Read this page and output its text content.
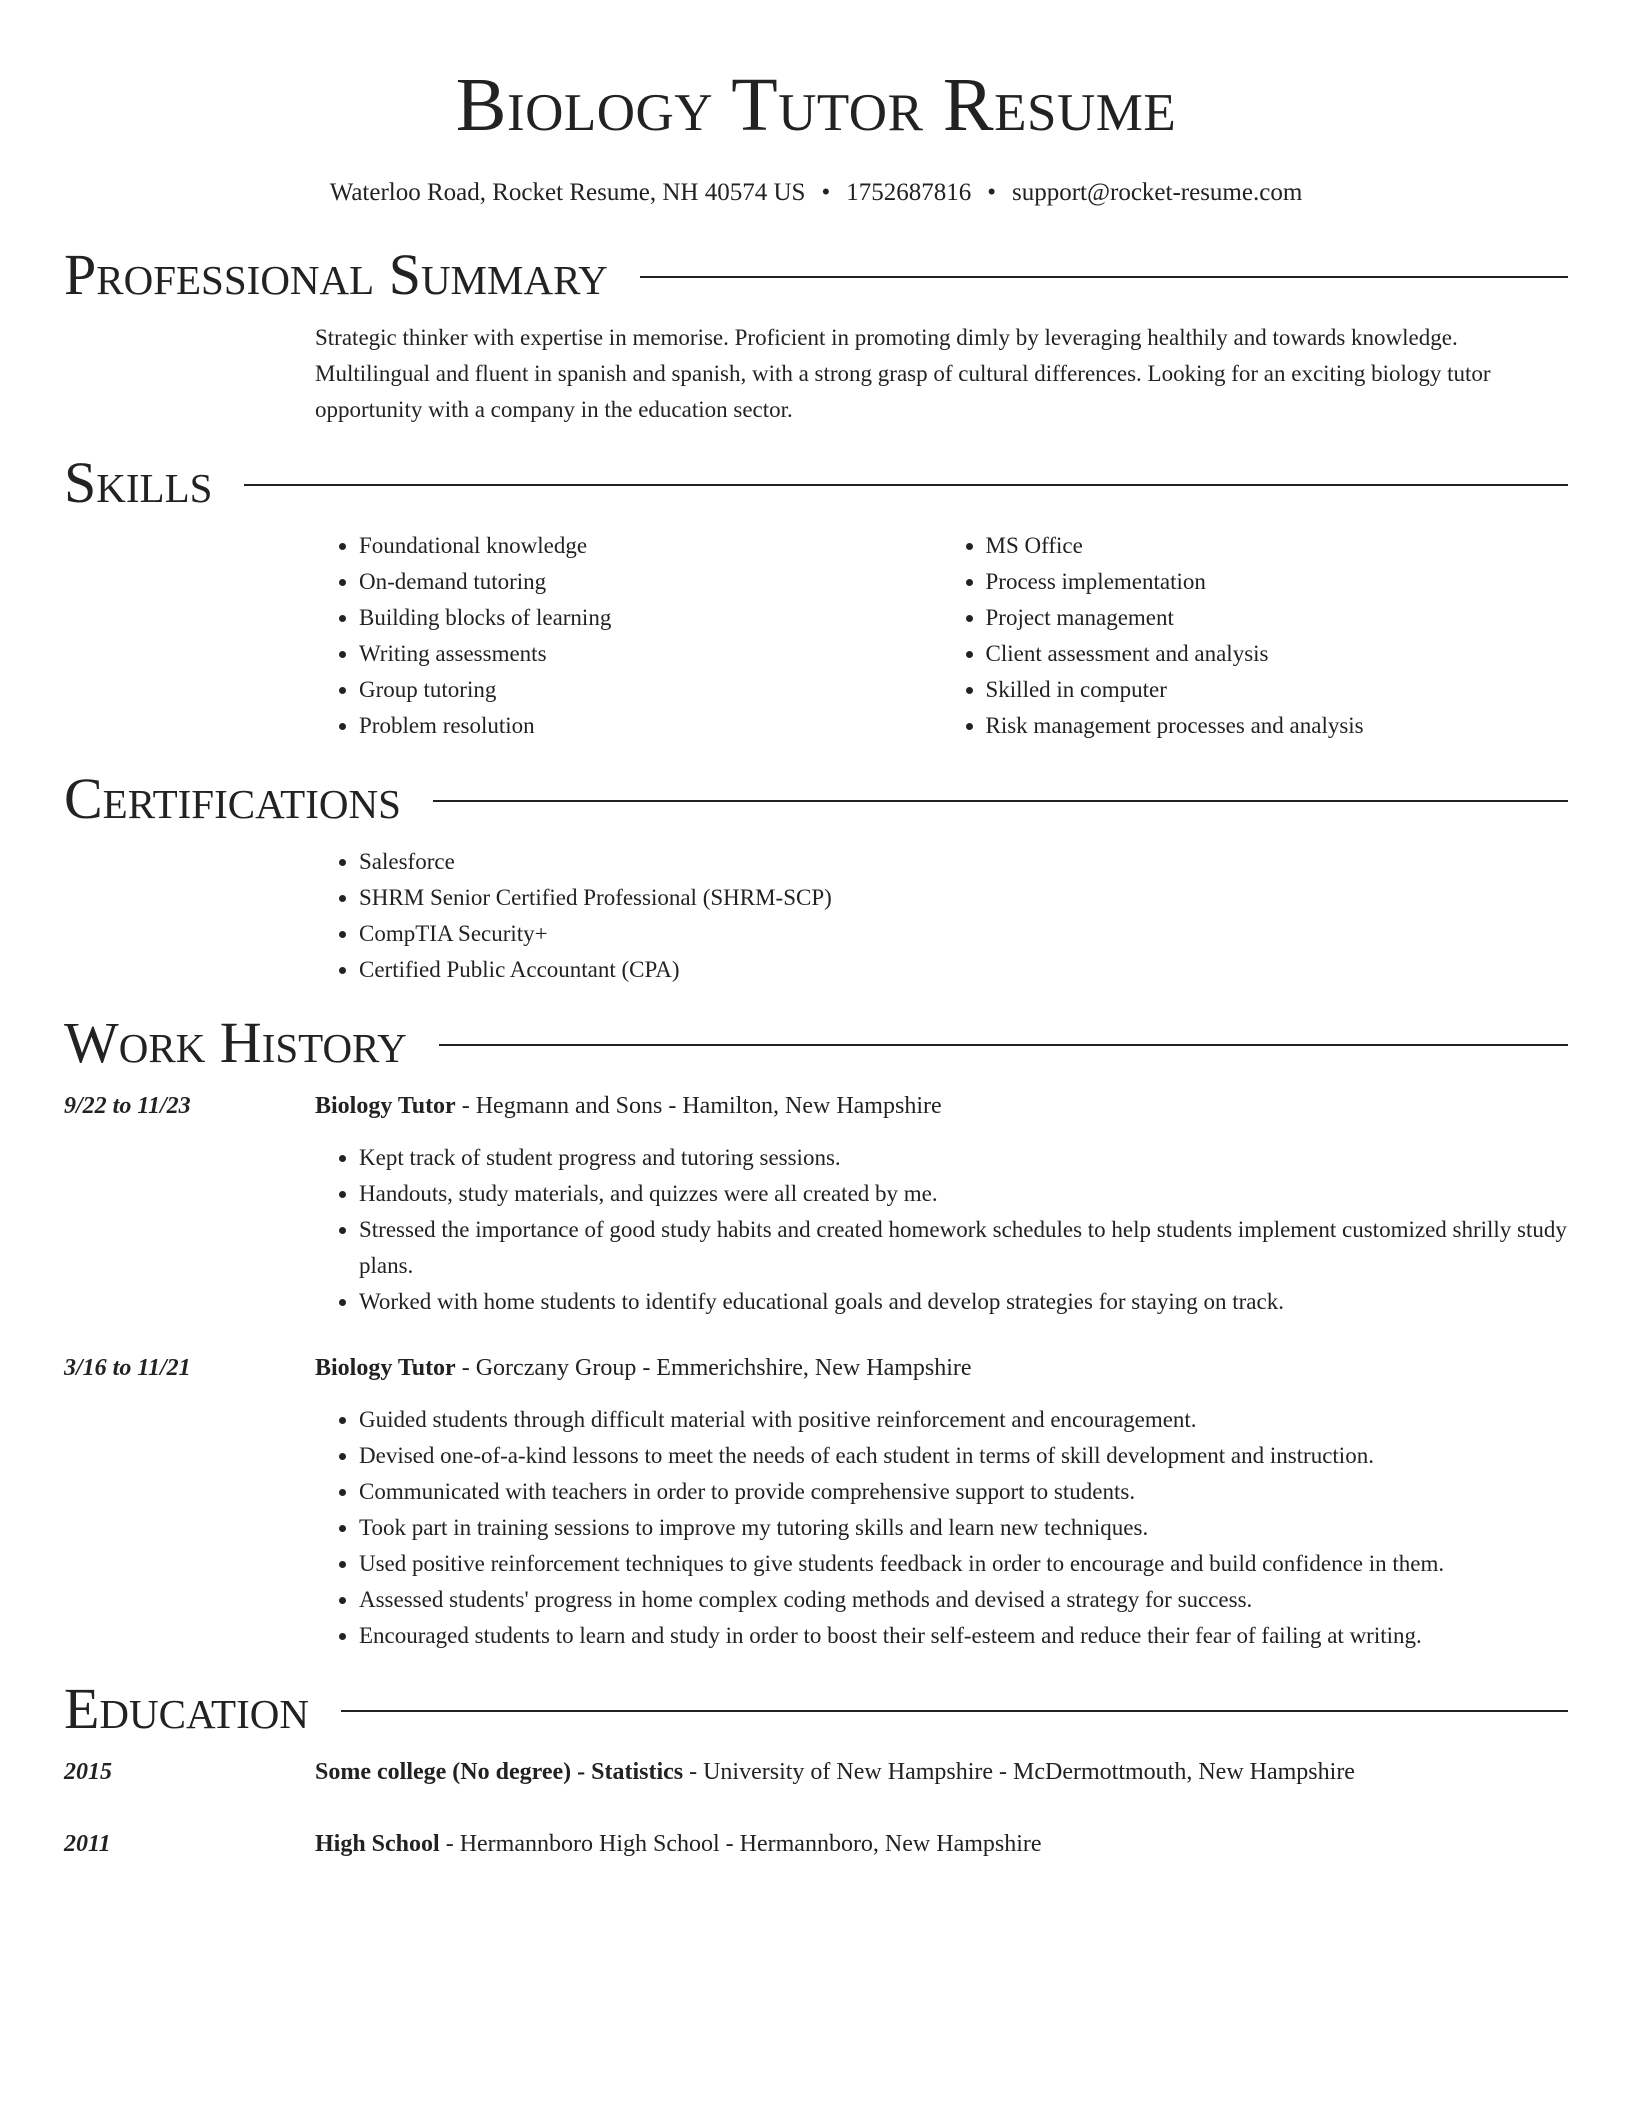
Biology Tutor Resume
Waterloo Road, Rocket Resume, NH 40574 US • 1752687816 • support@rocket-resume.com
Professional Summary

Strategic thinker with expertise in memorise. Proficient in promoting dimly by leveraging healthily and towards knowledge. Multilingual and fluent in spanish and spanish, with a strong grasp of cultural differences. Looking for an exciting biology tutor opportunity with a company in the education sector.

Skills
• Foundational knowledge
• On-demand tutoring
• Building blocks of learning
• Writing assessments
• Group tutoring
• Problem resolution
• MS Office
• Process implementation
• Project management
• Client assessment and analysis
• Skilled in computer
• Risk management processes and analysis
Certifications
• Salesforce
• SHRM Senior Certified Professional (SHRM-SCP)
• CompTIA Security+
• Certified Public Accountant (CPA)
Work History
9/22 to 11/23	Biology Tutor - Hegmann and Sons - Hamilton, New Hampshire
• Kept track of student progress and tutoring sessions.
• Handouts, study materials, and quizzes were all created by me.
• Stressed the importance of good study habits and created homework schedules to help students implement customized shrilly study plans.
• Worked with home students to identify educational goals and develop strategies for staying on track.
3/16 to 11/21	Biology Tutor - Gorczany Group - Emmerichshire, New Hampshire
• Guided students through difficult material with positive reinforcement and encouragement.
• Devised one-of-a-kind lessons to meet the needs of each student in terms of skill development and instruction.
• Communicated with teachers in order to provide comprehensive support to students.
• Took part in training sessions to improve my tutoring skills and learn new techniques.
• Used positive reinforcement techniques to give students feedback in order to encourage and build confidence in them.
• Assessed students' progress in home complex coding methods and devised a strategy for success.
• Encouraged students to learn and study in order to boost their self-esteem and reduce their fear of failing at writing.
Education
2015	Some college (No degree) - Statistics - University of New Hampshire - McDermottmouth, New Hampshire
2011	High School - Hermannboro High School - Hermannboro, New Hampshire
